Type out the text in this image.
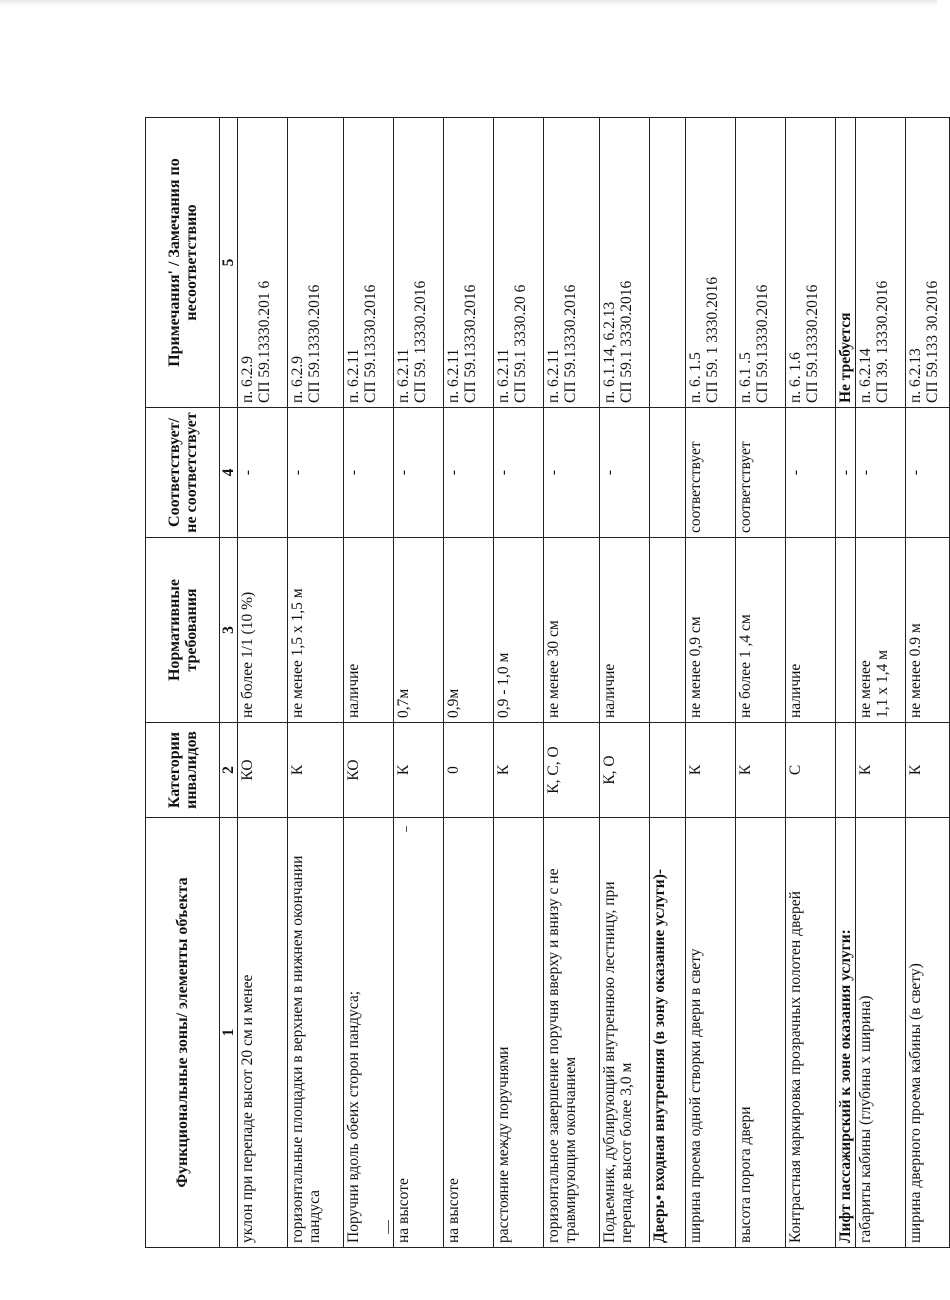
Функциональные зоны/ элементы объекта	Категории инвалидов	Нормативные требования	Соответствует/ не соответствует	Примечания' / Замечания по несоответствию
1	2	3	4	5
уклон при перепаде высот 20 см и менее	КО	не более 1/1 (10 %)	-	п. 6.2.9 СП 59.13330.201 6

горизонтальные площадки в верхнем в нижнем окончании пандуса	К	не менее 1,5 х 1,5 м	-	п. 6.2.9 СП 59.13330.2016

Поручни вдоль обеих сторон пандуса;	КО	наличие	-	п. 6.2.11 СП 59.13330.2016

на высоте	К	0,7м	-	п. 6.2.11 СП 59. 13330.2016

на высоте	0	0,9м	-	п. 6.2.11 СП 59.13330.2016

расстояние между поручнями	К	0,9 - 1,0 м	-	п. 6.2.11 СП 59.1 3330.20 6

горизонтальное завершение поручня вверху и внизу с не травмирующим окончанием	К, С, О	не менее 30 см	-	п. 6.2.11 СП 59.13330.2016

Подъемник, дублирующий внутреннюю лестницу, при перепаде высот более 3,0 м	К, О	наличие	-	п. 6.1.14, 6.2.13 СП 59.1 3330.2016

Дверь• входная внутренняя (в зону оказание услуги)-				
ширина проема одной створки двери в свету	К	не менее 0,9 см	соответствует	п. 6. 1.5 СП 59. 1 3330.2016

высота порога двери	К	не более 1 ,4 см	соответствует	п. 6.1 .5 СП 59.13330.2016

Контрастная маркировка прозрачных полотен дверей	С	наличие	-	п. 6. 1.6 СП 59.13330.2016

Лифт пассажирский к зоне оказания услуги:			-	Не требуется
габариты кабины (глубина х ширина)	К	не менее 1,1 х 1,4 м	-	п. 6.2.14 СП 39. 13330.2016

ширина дверного проема кабины (в свету)	К	не менее 0.9 м	-	п. 6.2.13 СП 59.133 30.2016
